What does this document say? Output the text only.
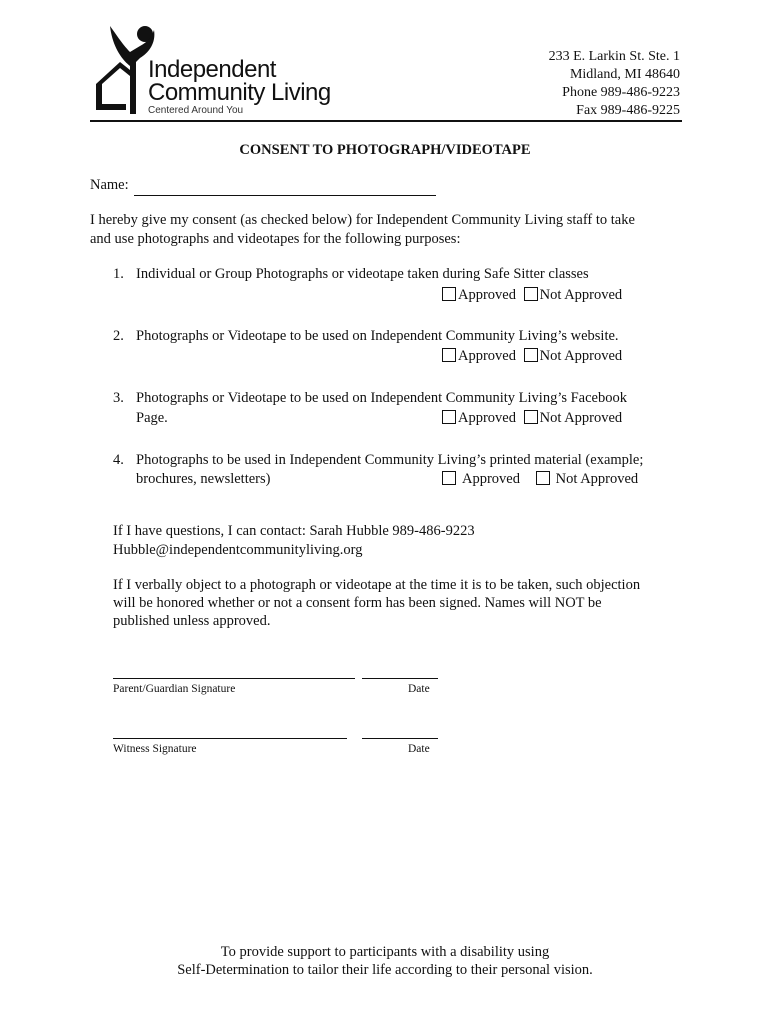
Independent
Community Living
Centered Around You
233 E. Larkin St. Ste. 1
Midland, MI 48640
Phone 989-486-9223
Fax 989-486-9225
CONSENT TO PHOTOGRAPH/VIDEOTAPE
Name:
I hereby give my consent (as checked below) for Independent Community Living staff to take
and use photographs and videotapes for the following purposes:
1. Individual or Group Photographs or videotape taken during Safe Sitter classes
Approved Not Approved
2. Photographs or Videotape to be used on Independent Community Living’s website.
Approved Not Approved
3. Photographs or Videotape to be used on Independent Community Living’s Facebook
Page.	Approved Not Approved
4. Photographs to be used in Independent Community Living’s printed material (example;
brochures, newsletters)	Approved Not Approved
If I have questions, I can contact: Sarah Hubble 989-486-9223
Hubble@independentcommunityliving.org
If I verbally object to a photograph or videotape at the time it is to be taken, such objection
will be honored whether or not a consent form has been signed. Names will NOT be
published unless approved.
Parent/Guardian Signature	Date
Witness Signature	Date
To provide support to participants with a disability using
Self-Determination to tailor their life according to their personal vision.
